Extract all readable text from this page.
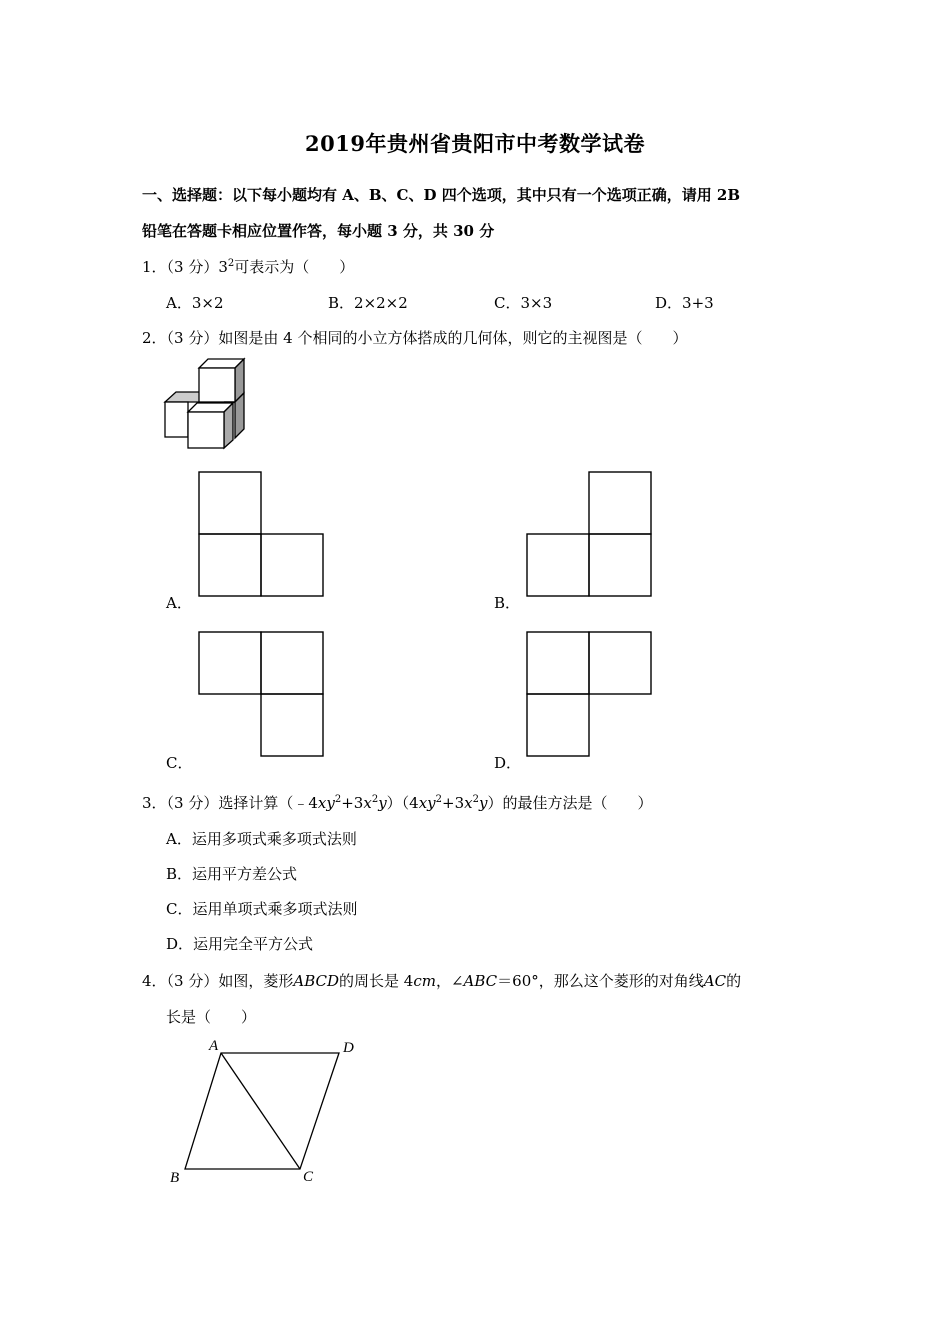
2019年贵州省贵阳市中考数学试卷
一、选择题：以下每小题均有 A、B、C、D 四个选项，其中只有一个选项正确，请用 2B
铅笔在答题卡相应位置作答，每小题 3 分，共 30 分
1．（3 分）$3^2$可表示为（　　）
A．3×2	B．2×2×2	C．3×3	D．3+3
2．（3 分）如图是由 4 个相同的小立方体搭成的几何体，则它的主视图是（　　）
A．	B．
C．	D．
3．（3 分）选择计算$(﹣4xy^2+3x^2y)(4xy^2+3x^2y)$的最佳方法是（　　）
A．运用多项式乘多项式法则
B．运用平方差公式
C．运用单项式乘多项式法则
D．运用完全平方公式
4．（3 分）如图，菱形ABCD的周长是 4cm，∠ABC＝60°，那么这个菱形的对角线AC的
长是（　　）
A	D
B	C
